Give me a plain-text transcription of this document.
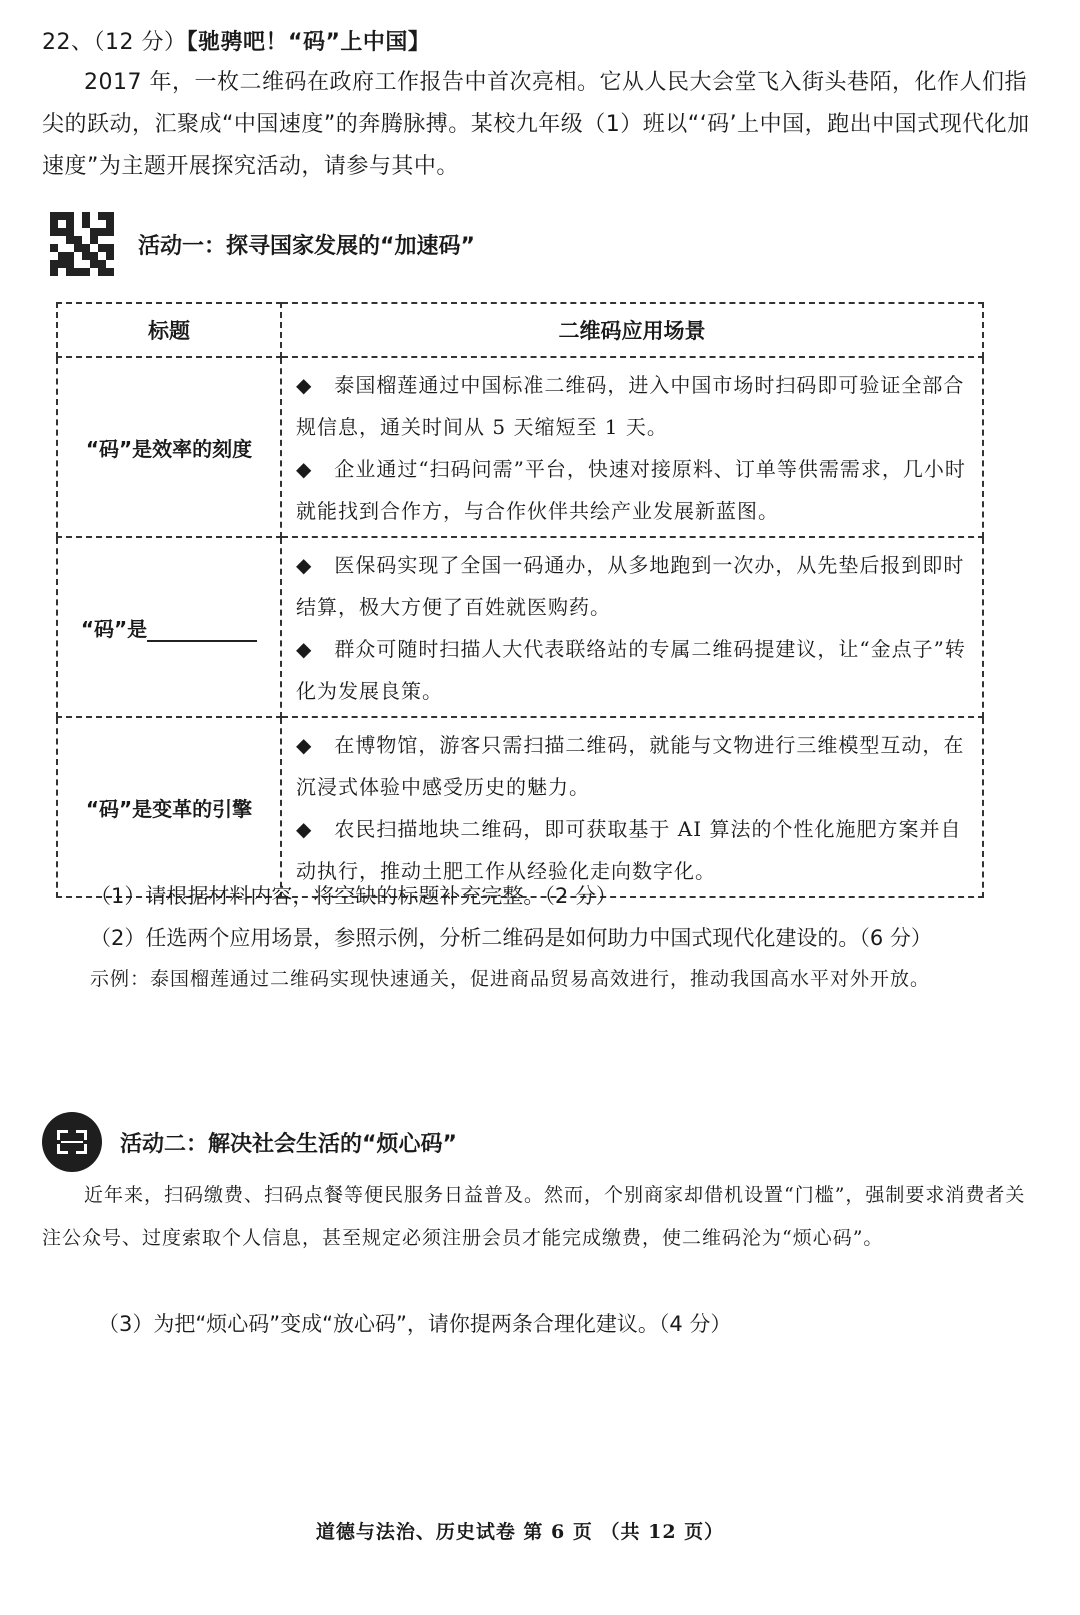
22、（12 分）【驰骋吧！“码”上中国】
2017 年，一枚二维码在政府工作报告中首次亮相。它从人民大会堂飞入街头巷陌，化作人们指尖的跃动，汇聚成“中国速度”的奔腾脉搏。某校九年级（1）班以“‘码’上中国，跑出中国式现代化加速度”为主题开展探究活动，请参与其中。
活动一：探寻国家发展的“加速码”
标题	二维码应用场景
“码”是效率的刻度	◆ 泰国榴莲通过中国标准二维码，进入中国市场时扫码即可验证全部合规信息，通关时间从 5 天缩短至 1 天。
◆ 企业通过“扫码问需”平台，快速对接原料、订单等供需需求，几小时就能找到合作方，与合作伙伴共绘产业发展新蓝图。

“码”是	◆ 医保码实现了全国一码通办，从多地跑到一次办，从先垫后报到即时结算，极大方便了百姓就医购药。
◆ 群众可随时扫描人大代表联络站的专属二维码提建议，让“金点子”转化为发展良策。

“码”是变革的引擎	◆ 在博物馆，游客只需扫描二维码，就能与文物进行三维模型互动，在沉浸式体验中感受历史的魅力。
◆ 农民扫描地块二维码，即可获取基于 AI 算法的个性化施肥方案并自动执行，推动土肥工作从经验化走向数字化。
（1）请根据材料内容，将空缺的标题补充完整。（2 分）
（2）任选两个应用场景，参照示例，分析二维码是如何助力中国式现代化建设的。（6 分）
示例：泰国榴莲通过二维码实现快速通关，促进商品贸易高效进行，推动我国高水平对外开放。
活动二：解决社会生活的“烦心码”
近年来，扫码缴费、扫码点餐等便民服务日益普及。然而，个别商家却借机设置“门槛”，强制要求消费者关注公众号、过度索取个人信息，甚至规定必须注册会员才能完成缴费，使二维码沦为“烦心码”。
（3）为把“烦心码”变成“放心码”，请你提两条合理化建议。（4 分）
道德与法治、历史试卷 第 6 页 （共 12 页）
